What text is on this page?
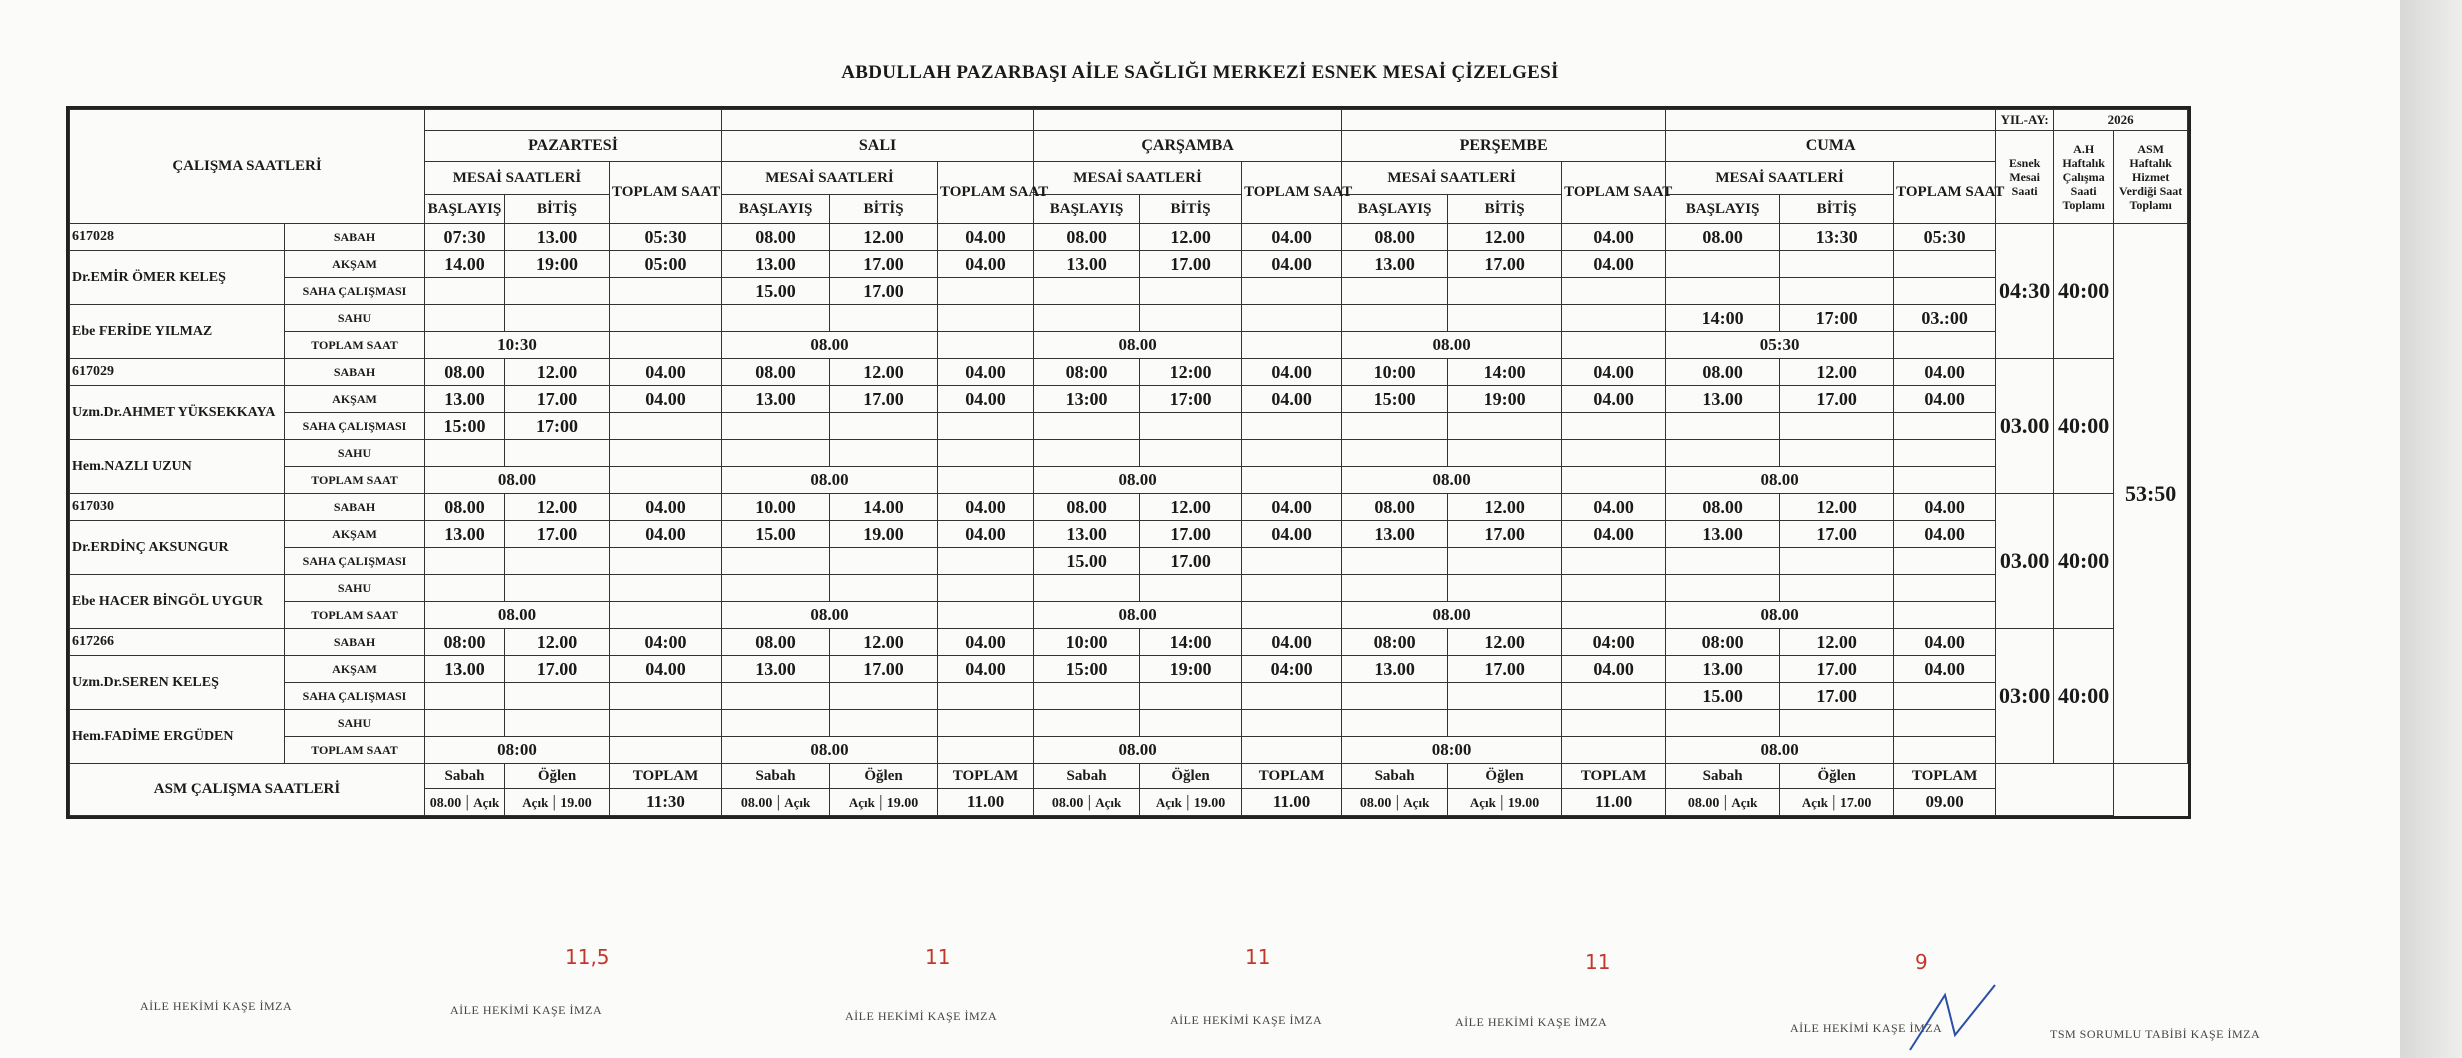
ABDULLAH PAZARBAŞI AİLE SAĞLIĞI MERKEZİ ESNEK MESAİ ÇİZELGESİ
ÇALIŞMA SAATLERİ																	YIL-AY:	2026	
		PAZARTESİ			SALI			ÇARŞAMBA			PERŞEMBE			CUMA			Esnek Mesai Saati	A.H Haftalık Çalışma Saati Toplamı	ASM Haftalık Hizmet Verdiği Saat Toplamı
		MESAİ SAATLERİ		TOPLAM SAAT	MESAİ SAATLERİ		TOPLAM SAAT	MESAİ SAATLERİ		TOPLAM SAAT	MESAİ SAATLERİ		TOPLAM SAAT	MESAİ SAATLERİ		TOPLAM SAAT			
		BAŞLAYIŞ	BİTİŞ		BAŞLAYIŞ	BİTİŞ		BAŞLAYIŞ	BİTİŞ		BAŞLAYIŞ	BİTİŞ		BAŞLAYIŞ	BİTİŞ				
617028	SABAH	07:30	13.00	05:30	08.00	12.00	04.00	08.00	12.00	04.00	08.00	12.00	04.00	08.00	13:30	05:30	04:30	40:00	53:50
Dr.EMİR ÖMER KELEŞ	AKŞAM	14.00	19:00	05:00	13.00	17.00	04.00	13.00	17.00	04.00	13.00	17.00	04.00						
	SAHA ÇALIŞMASI				15.00	17.00													
Ebe FERİDE YILMAZ	SAHU													14:00	17:00	03.:00			
	TOPLAM SAAT	10:30			08.00			08.00			08.00			05:30					
617029	SABAH	08.00	12.00	04.00	08.00	12.00	04.00	08:00	12:00	04.00	10:00	14:00	04.00	08.00	12.00	04.00	03.00	40:00	
Uzm.Dr.AHMET YÜKSEKKAYA	AKŞAM	13.00	17.00	04.00	13.00	17.00	04.00	13:00	17:00	04.00	15:00	19:00	04.00	13.00	17.00	04.00			
	SAHA ÇALIŞMASI	15:00	17:00																
Hem.NAZLI UZUN	SAHU																		
	TOPLAM SAAT	08.00			08.00			08.00			08.00			08.00					
617030	SABAH	08.00	12.00	04.00	10.00	14.00	04.00	08.00	12.00	04.00	08.00	12.00	04.00	08.00	12.00	04.00	03.00	40:00	
Dr.ERDİNÇ AKSUNGUR	AKŞAM	13.00	17.00	04.00	15.00	19.00	04.00	13.00	17.00	04.00	13.00	17.00	04.00	13.00	17.00	04.00			
	SAHA ÇALIŞMASI							15.00	17.00										
Ebe HACER BİNGÖL UYGUR	SAHU																		
	TOPLAM SAAT	08.00			08.00			08.00			08.00			08.00					
617266	SABAH	08:00	12.00	04:00	08.00	12.00	04.00	10:00	14:00	04.00	08:00	12.00	04:00	08:00	12.00	04.00	03:00	40:00	
Uzm.Dr.SEREN KELEŞ	AKŞAM	13.00	17.00	04.00	13.00	17.00	04.00	15:00	19:00	04:00	13.00	17.00	04.00	13.00	17.00	04.00			
	SAHA ÇALIŞMASI													15.00	17.00				
Hem.FADİME ERGÜDEN	SAHU																		
	TOPLAM SAAT	08:00			08.00			08.00			08:00			08.00					
ASM ÇALIŞMA SAATLERİ		Sabah	Öğlen	TOPLAM	Sabah	Öğlen	TOPLAM	Sabah	Öğlen	TOPLAM	Sabah	Öğlen	TOPLAM	Sabah	Öğlen	TOPLAM			
		08.00 | Açık	Açık | 19.00	11:30	08.00 | Açık	Açık | 19.00	11.00	08.00 | Açık	Açık | 19.00	11.00	08.00 | Açık	Açık | 19.00	11.00	08.00 | Açık	Açık | 17.00	09.00			
11,5	11	11	11	9
AİLE HEKİMİ KAŞE İMZA	AİLE HEKİMİ KAŞE İMZA	AİLE HEKİMİ KAŞE İMZA	AİLE HEKİMİ KAŞE İMZA	AİLE HEKİMİ KAŞE İMZA	AİLE HEKİMİ KAŞE İMZA	TSM SORUMLU TABİBİ KAŞE İMZA
